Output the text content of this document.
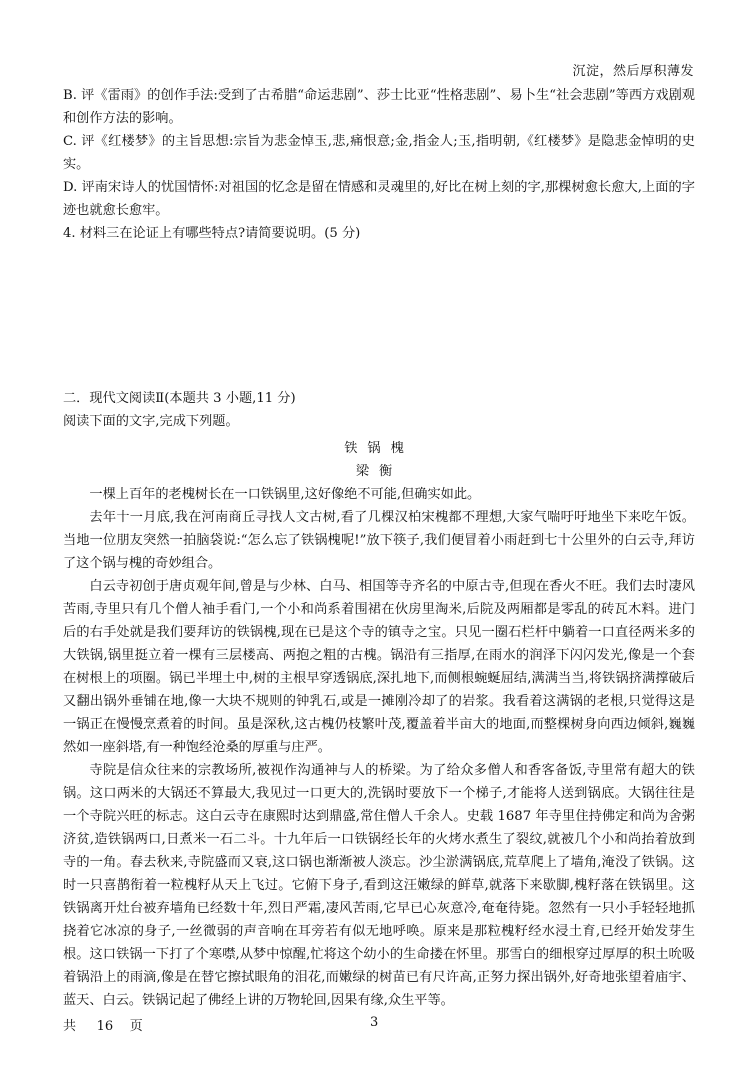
沉淀，然后厚积薄发

B. 评《雷雨》的创作手法:受到了古希腊“命运悲剧”、莎士比亚“性格悲剧”、易卜生“社会悲剧”等西方戏剧观和创作方法的影响。

C. 评《红楼梦》的主旨思想:宗旨为悲金悼玉,悲,痛恨意;金,指金人;玉,指明朝,《红楼梦》是隐悲金悼明的史实。

D. 评南宋诗人的忧国情怀:对祖国的忆念是留在情感和灵魂里的,好比在树上刻的字,那棵树愈长愈大,上面的字迹也就愈长愈牢。

4. 材料三在论证上有哪些特点?请简要说明。(5 分)

二．现代文阅读Ⅱ(本题共 3 小题,11 分)

阅读下面的文字,完成下列题。

铁锅槐

梁衡

一棵上百年的老槐树长在一口铁锅里,这好像绝不可能,但确实如此。

去年十一月底,我在河南商丘寻找人文古树,看了几棵汉柏宋槐都不理想,大家气喘吁吁地坐下来吃午饭。当地一位朋友突然一拍脑袋说:“怎么忘了铁锅槐呢!”放下筷子,我们便冒着小雨赶到七十公里外的白云寺,拜访了这个锅与槐的奇妙组合。

白云寺初创于唐贞观年间,曾是与少林、白马、相国等寺齐名的中原古寺,但现在香火不旺。我们去时凄风苦雨,寺里只有几个僧人袖手看门,一个小和尚系着围裙在伙房里淘米,后院及两厢都是零乱的砖瓦木料。进门后的右手处就是我们要拜访的铁锅槐,现在已是这个寺的镇寺之宝。只见一圈石栏杆中躺着一口直径两米多的大铁锅,锅里挺立着一棵有三层楼高、两抱之粗的古槐。锅沿有三指厚,在雨水的润泽下闪闪发光,像是一个套在树根上的项圈。锅已半埋土中,树的主根早穿透锅底,深扎地下,而侧根蜿蜒屈结,满满当当,将铁锅挤满撑破后又翻出锅外垂铺在地,像一大块不规则的钟乳石,或是一摊刚冷却了的岩浆。我看着这满锅的老根,只觉得这是一锅正在慢慢烹煮着的时间。虽是深秋,这古槐仍枝繁叶茂,覆盖着半亩大的地面,而整棵树身向西边倾斜,巍巍然如一座斜塔,有一种饱经沧桑的厚重与庄严。

寺院是信众往来的宗教场所,被视作沟通神与人的桥梁。为了给众多僧人和香客备饭,寺里常有超大的铁锅。这口两米的大锅还不算最大,我见过一口更大的,洗锅时要放下一个梯子,才能将人送到锅底。大锅往往是一个寺院兴旺的标志。这白云寺在康熙时达到鼎盛,常住僧人千余人。史载 1687 年寺里住持佛定和尚为舍粥济贫,造铁锅两口,日煮米一石二斗。十九年后一口铁锅经长年的火烤水煮生了裂纹,就被几个小和尚抬着放到寺的一角。春去秋来,寺院盛而又衰,这口锅也渐渐被人淡忘。沙尘淤满锅底,荒草爬上了墙角,淹没了铁锅。这时一只喜鹊衔着一粒槐籽从天上飞过。它俯下身子,看到这汪嫩绿的鲜草,就落下来歇脚,槐籽落在铁锅里。这铁锅离开灶台被弃墙角已经数十年,烈日严霜,凄风苦雨,它早已心灰意冷,奄奄待毙。忽然有一只小手轻轻地抓挠着它冰凉的身子,一丝微弱的声音响在耳旁若有似无地呼唤。原来是那粒槐籽经水浸土育,已经开始发芽生根。这口铁锅一下打了个寒噤,从梦中惊醒,忙将这个幼小的生命搂在怀里。那雪白的细根穿过厚厚的积土吮吸着锅沿上的雨滴,像是在替它擦拭眼角的泪花,而嫩绿的树苗已有尺许高,正努力探出锅外,好奇地张望着庙宇、蓝天、白云。铁锅记起了佛经上讲的万物轮回,因果有缘,众生平等。

共     16    页	3
